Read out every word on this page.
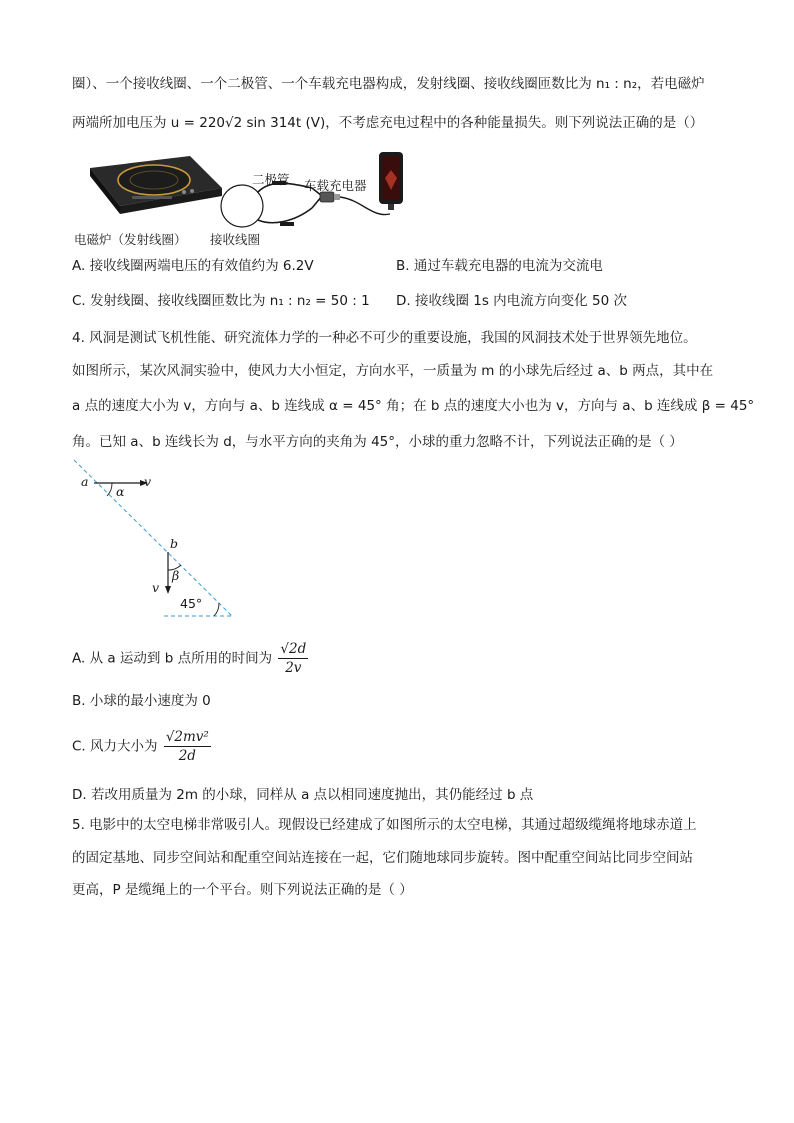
圈）、一个接收线圈、一个二极管、一个车载充电器构成，发射线圈、接收线圈匝数比为 n₁ : n₂，若电磁炉
两端所加电压为 u = 220√2 sin 314t (V)，不考虑充电过程中的各种能量损失。则下列说法正确的是（）
电磁炉（发射线圈） 接收线圈
二极管 车载充电器
A. 接收线圈两端电压的有效值约为 6.2V	B. 通过车载充电器的电流为交流电
C. 发射线圈、接收线圈匝数比为 n₁ : n₂ = 50 : 1 D. 接收线圈 1s 内电流方向变化 50 次
4. 风洞是测试飞机性能、研究流体力学的一种必不可少的重要设施，我国的风洞技术处于世界领先地位。
如图所示，某次风洞实验中，使风力大小恒定，方向水平，一质量为 m 的小球先后经过 a、b 两点，其中在
a 点的速度大小为 v，方向与 a、b 连线成 α = 45° 角；在 b 点的速度大小也为 v，方向与 a、b 连线成 β = 45°
角。已知 a、b 连线长为 d，与水平方向的夹角为 45°，小球的重力忽略不计，下列说法正确的是（ ）
a	v
α
b
v
β
45°
A. 从 a 运动到 b 点所用的时间为 $\frac{√2d}{2v}$
B. 小球的最小速度为 0
C. 风力大小为 $\frac{\text{√2mv²}}{2d}$
D. 若改用质量为 2m 的小球，同样从 a 点以相同速度抛出，其仍能经过 b 点
5. 电影中的太空电梯非常吸引人。现假设已经建成了如图所示的太空电梯，其通过超级缆绳将地球赤道上
的固定基地、同步空间站和配重空间站连接在一起，它们随地球同步旋转。图中配重空间站比同步空间站
更高，P 是缆绳上的一个平台。则下列说法正确的是（ ）
